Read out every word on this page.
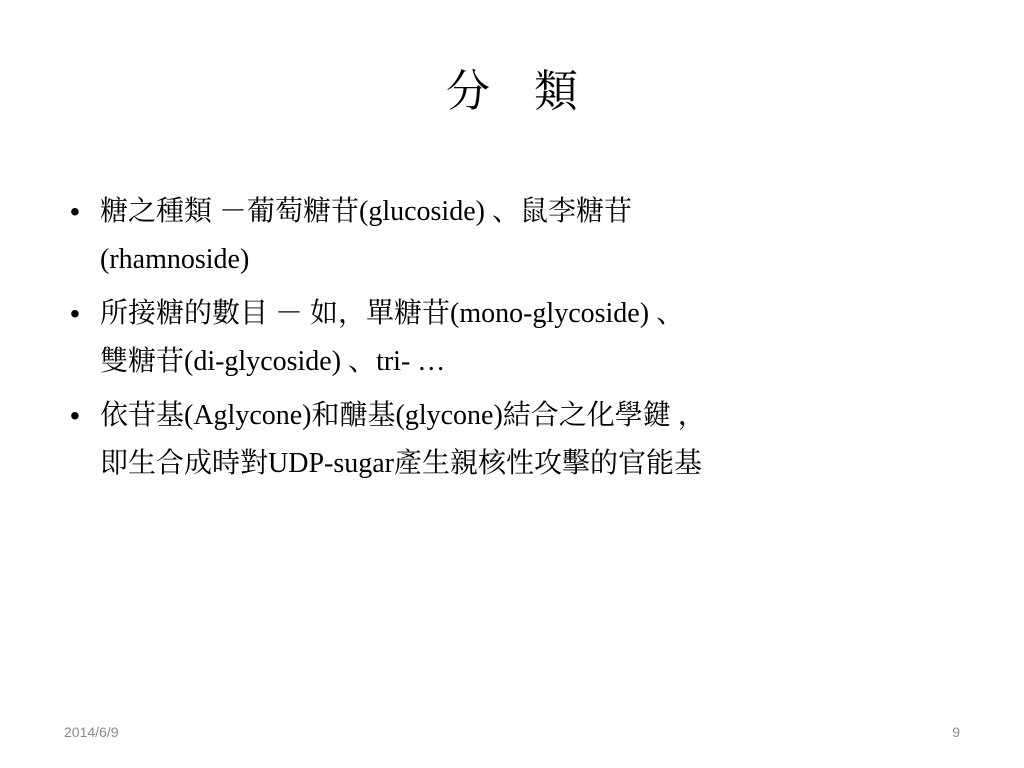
分　類
• 糖之種類 －葡萄糖苷(glucoside) 、鼠李糖苷
(rhamnoside)
• 所接糖的數目 － 如，單糖苷(mono-glycoside) 、
雙糖苷(di-glycoside) 、tri- …
• 依苷基(Aglycone)和醣基(glycone)結合之化學鍵 ，
即生合成時對UDP-sugar產生親核性攻擊的官能基
2014/6/9	9
